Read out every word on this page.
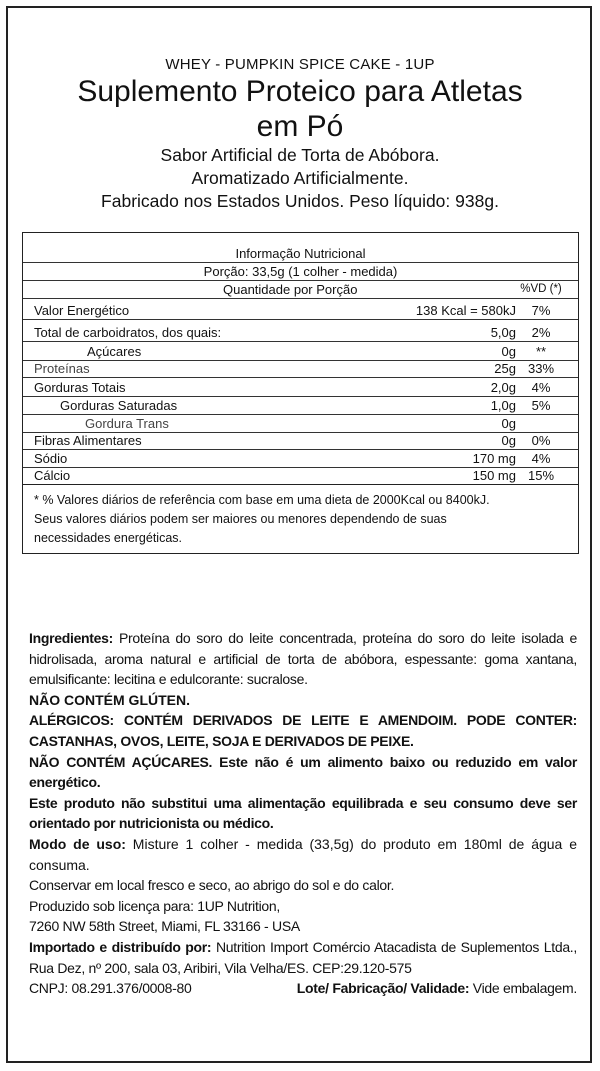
WHEY - PUMPKIN SPICE CAKE - 1UP
Suplemento Proteico para Atletas
em Pó
Sabor Artificial de Torta de Abóbora.
Aromatizado Artificialmente.
Fabricado nos Estados Unidos. Peso líquido: 938g.
Informação Nutricional
Porção: 33,5g (1 colher - medida)
Quantidade por Porção	%VD (*)
Valor Energético	138 Kcal = 580kJ	7%
Total de carboidratos, dos quais:	5,0g	2%
Açúcares	0g	**
Proteínas	25g 33%
Gorduras Totais	2,0g	4%
Gorduras Saturadas	1,0g	5%
Gordura Trans	0g
Fibras Alimentares	0g	0%
Sódio	170 mg	4%
Cálcio	150 mg 15%
* % Valores diários de referência com base em uma dieta de 2000Kcal ou 8400kJ.
Seus valores diários podem ser maiores ou menores dependendo de suas
necessidades energéticas.

Ingredientes: Proteína do soro do leite concentrada, proteína do soro do leite isolada e hidrolisada, aroma natural e artificial de torta de abóbora, espessante: goma xantana, emulsificante: lecitina e edulcorante: sucralose.

NÃO CONTÉM GLÚTEN.

ALÉRGICOS: CONTÉM DERIVADOS DE LEITE E AMENDOIM. PODE CONTER: CASTANHAS, OVOS, LEITE, SOJA E DERIVADOS DE PEIXE.

NÃO CONTÉM AÇÚCARES. Este não é um alimento baixo ou reduzido em valor energético.

Este produto não substitui uma alimentação equilibrada e seu consumo deve ser orientado por nutricionista ou médico.

Modo de uso: Misture 1 colher - medida (33,5g) do produto em 180ml de água e consuma.

Conservar em local fresco e seco, ao abrigo do sol e do calor.

Produzido sob licença para: 1UP Nutrition,

7260 NW 58th Street, Miami, FL 33166 - USA

Importado e distribuído por: Nutrition Import Comércio Atacadista de Suplementos Ltda., Rua Dez, nº 200, sala 03, Aribiri, Vila Velha/ES. CEP:29.120-575

CNPJ: 08.291.376/0008-80	Lote/ Fabricação/ Validade: Vide embalagem.
